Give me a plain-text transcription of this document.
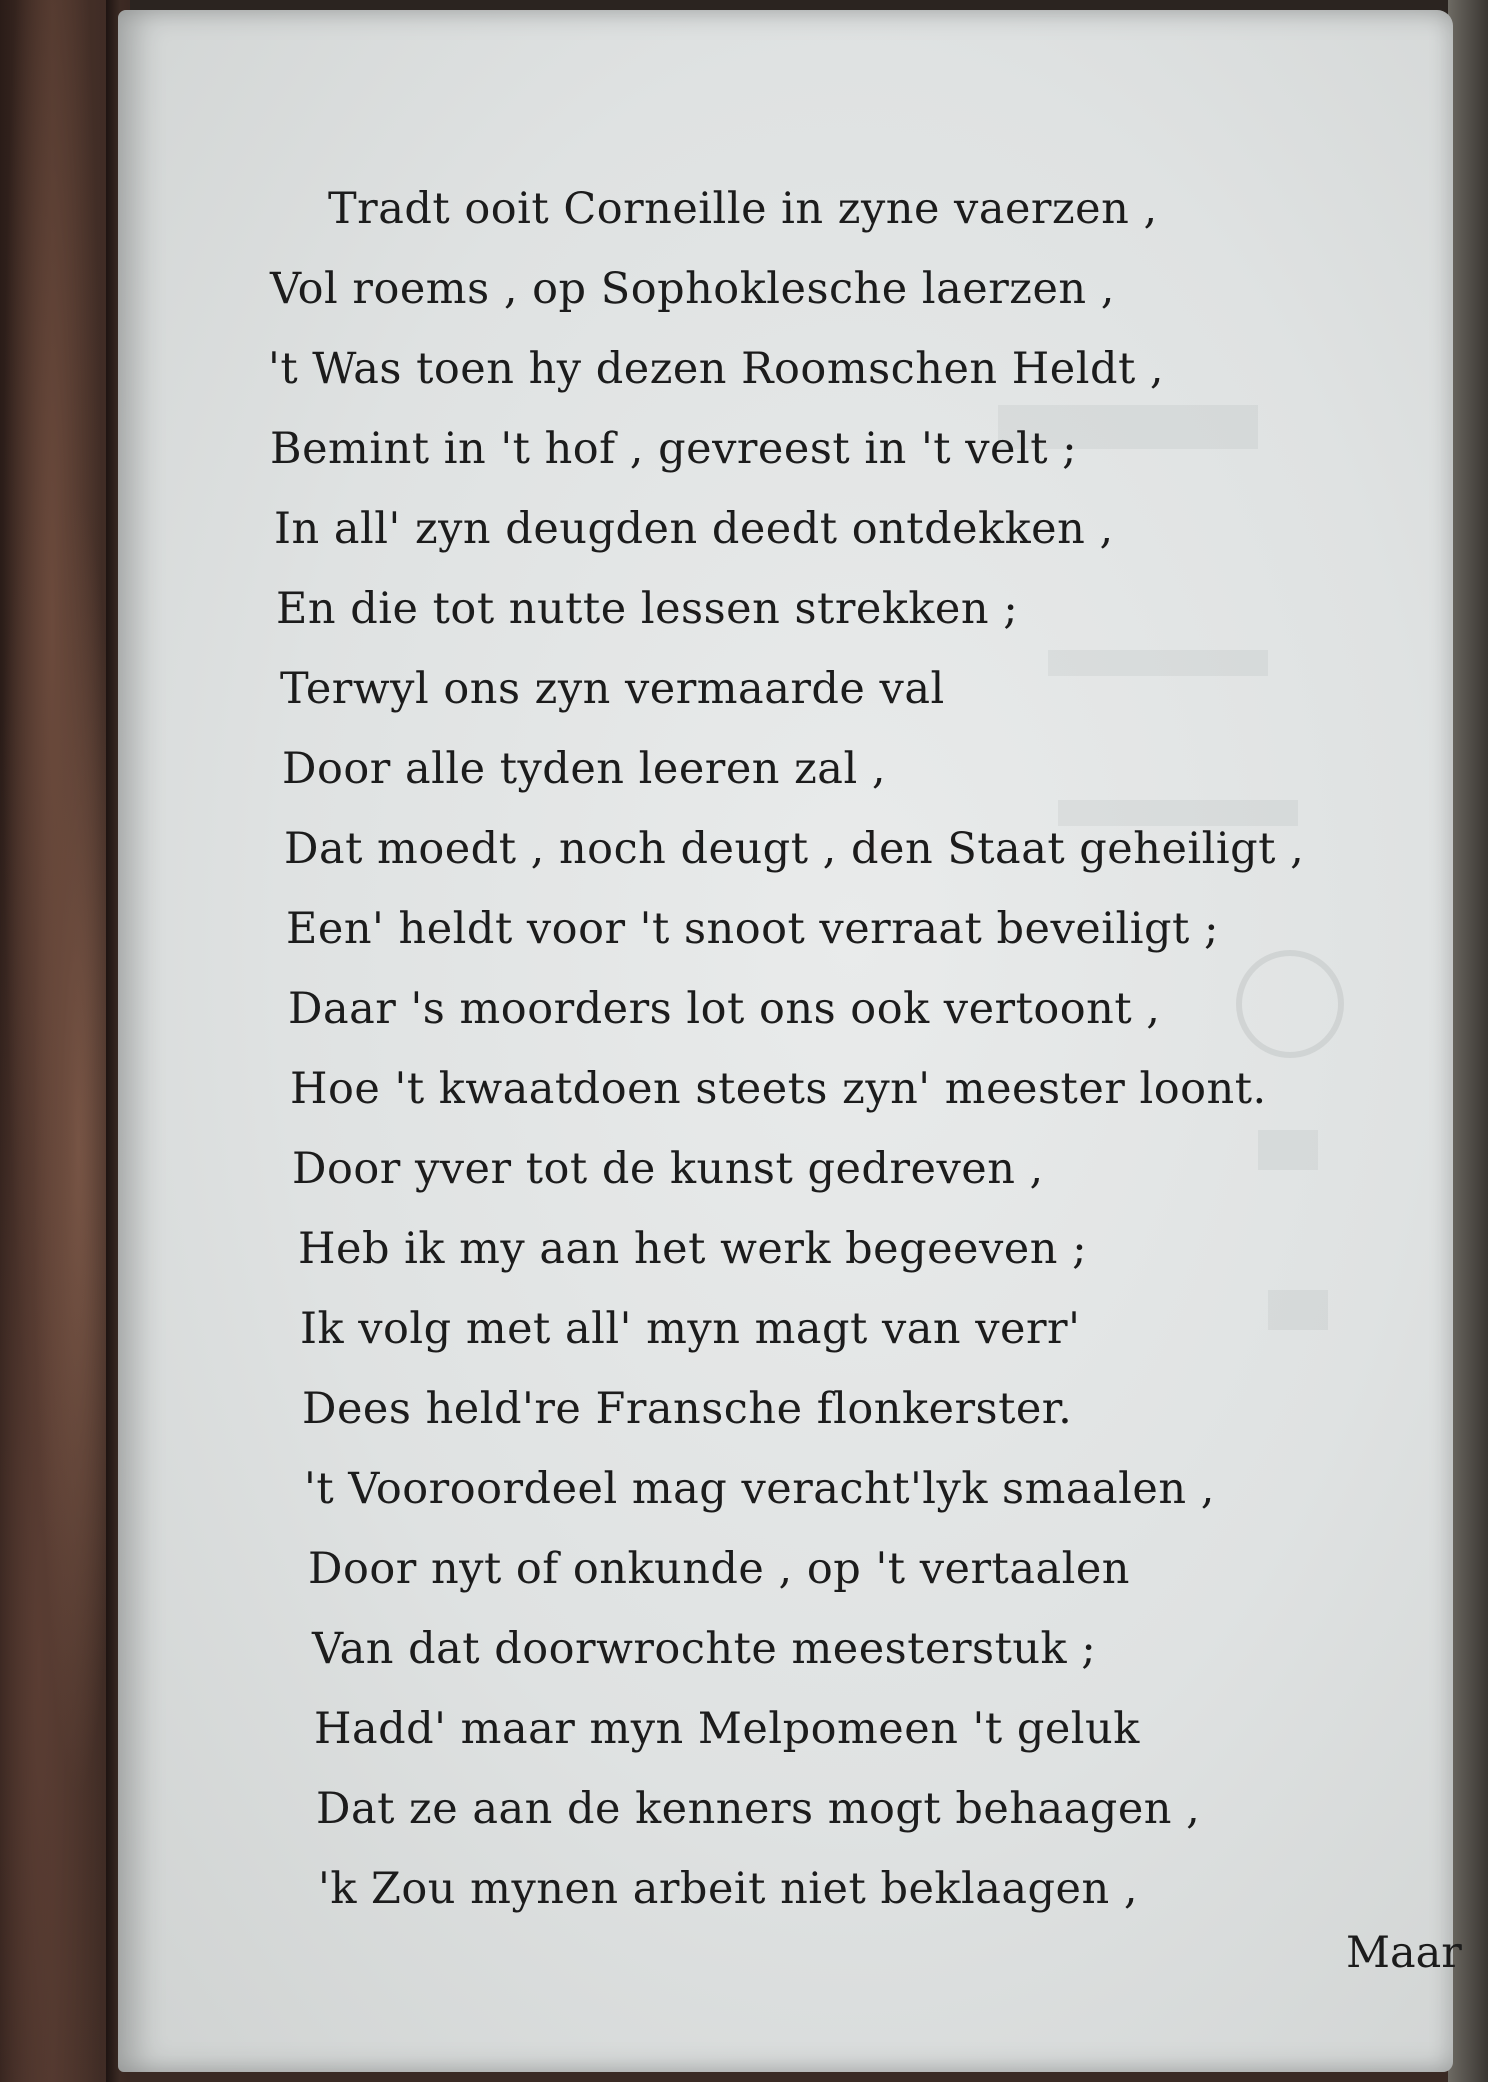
Tradt ooit Corneille in zyne vaerzen ,
Vol roems , op Sophoklesche laerzen ,
't Was toen hy dezen Roomschen Heldt ,
Bemint in 't hof , gevreest in 't velt ;
In all' zyn deugden deedt ontdekken ,
En die tot nutte lessen strekken ;
Terwyl ons zyn vermaarde val
Door alle tyden leeren zal ,
Dat moedt , noch deugt , den Staat geheiligt ,
Een' heldt voor 't snoot verraat beveiligt ;
Daar 's moorders lot ons ook vertoont ,
Hoe 't kwaatdoen steets zyn' meester loont.
Door yver tot de kunst gedreven ,
Heb ik my aan het werk begeeven ;
Ik volg met all' myn magt van verr'
Dees held're Fransche flonkerster.
't Vooroordeel mag veracht'lyk smaalen ,
Door nyt of onkunde , op 't vertaalen
Van dat doorwrochte meesterstuk ;
Hadd' maar myn Melpomeen 't geluk
Dat ze aan de kenners mogt behaagen ,
'k Zou mynen arbeit niet beklaagen ,
Maar
